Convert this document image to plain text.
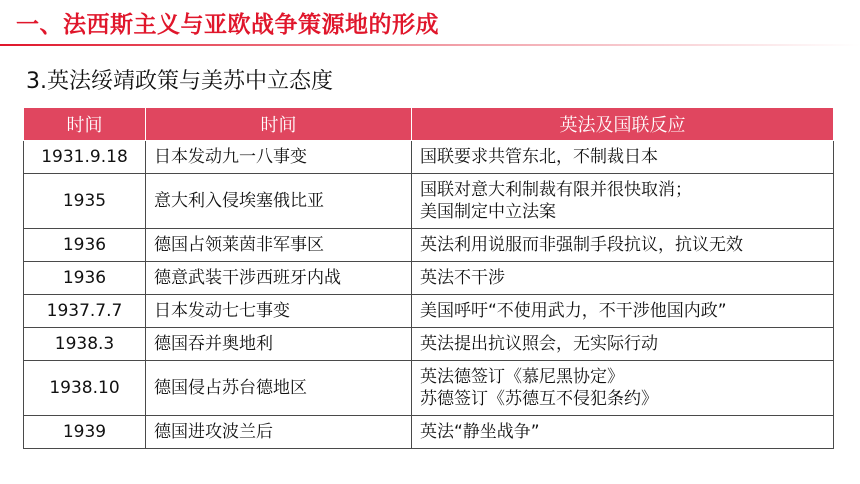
一、法西斯主义与亚欧战争策源地的形成
3.英法绥靖政策与美苏中立态度
时间	时间	英法及国联反应
1931.9.18	日本发动九一八事变	国联要求共管东北，不制裁日本

1935	意大利入侵埃塞俄比亚	国联对意大利制裁有限并很快取消；
美国制定中立法案

1936	德国占领莱茵非军事区	英法利用说服而非强制手段抗议，抗议无效

1936	德意武装干涉西班牙内战	英法不干涉

1937.7.7	日本发动七七事变	美国呼吁“不使用武力，不干涉他国内政”

1938.3	德国吞并奥地利	英法提出抗议照会，无实际行动

1938.10	德国侵占苏台德地区	英法德签订《慕尼黑协定》
苏德签订《苏德互不侵犯条约》

1939	德国进攻波兰后	英法“静坐战争”
